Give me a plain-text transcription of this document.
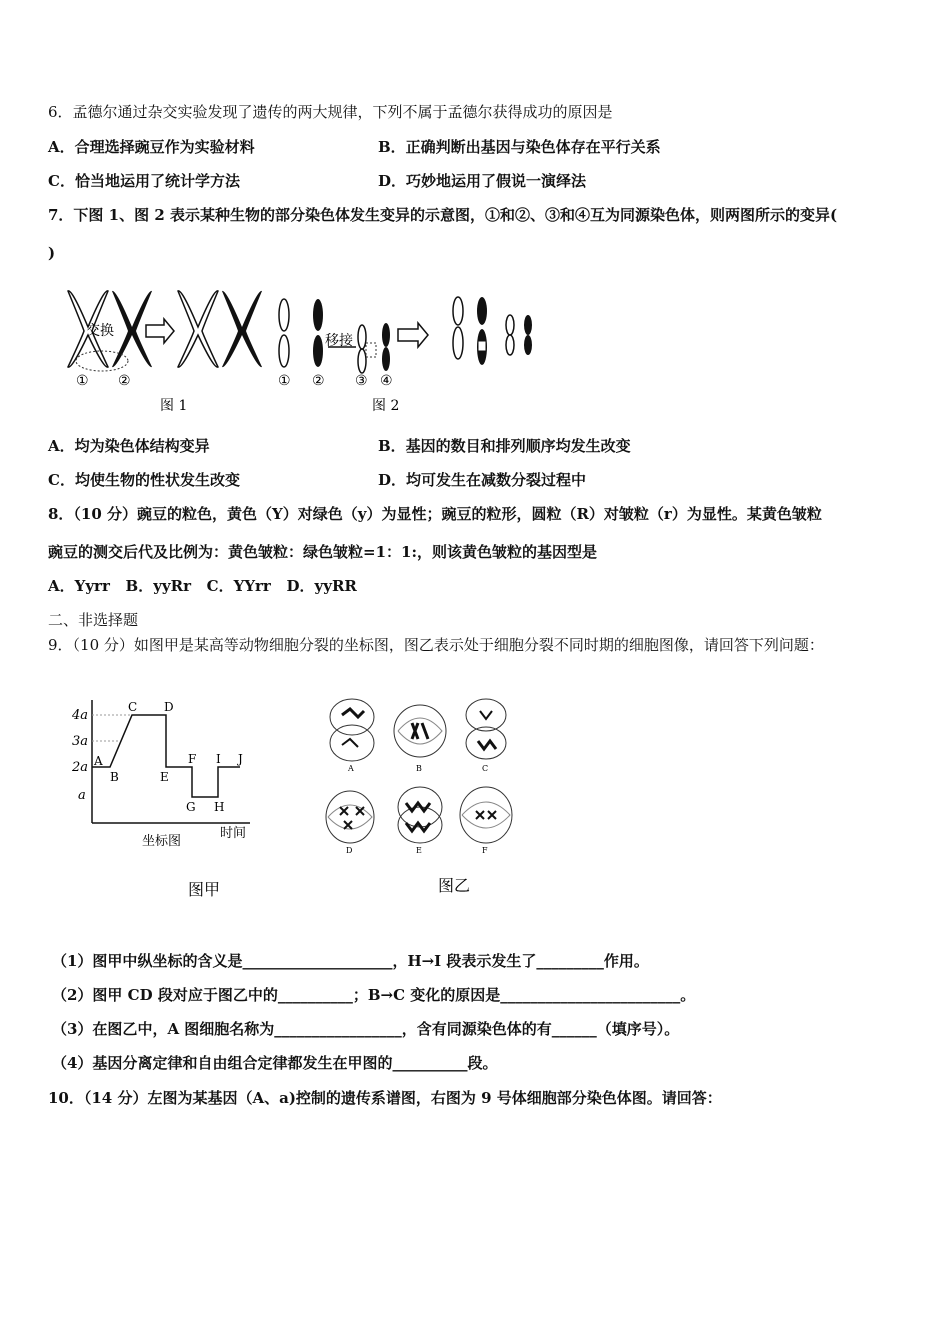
6．孟德尔通过杂交实验发现了遗传的两大规律，下列不属于孟德尔获得成功的原因是
A．合理选择豌豆作为实验材料	B．正确判断出基因与染色体存在平行关系
C．恰当地运用了统计学方法	D．巧妙地运用了假说一演绎法
7．下图 1、图 2 表示某种生物的部分染色体发生变异的示意图，①和②、③和④互为同源染色体，则两图所示的变异(
)
交换
① ②
图 1
移接
① ② ③ ④
图 2
A．均为染色体结构变异	B．基因的数目和排列顺序均发生改变
C．均使生物的性状发生改变	D．均可发生在减数分裂过程中
8．（10 分）豌豆的粒色，黄色（Y）对绿色（y）为显性；豌豆的粒形，圆粒（R）对皱粒（r）为显性。某黄色皱粒
豌豆的测交后代及比例为：黄色皱粒：绿色皱粒=1：1:，则该黄色皱粒的基因型是
A．Yyrr   B．yyRr   C．YYrr   D．yyRR
二、非选择题
9．（10 分）如图甲是某高等动物细胞分裂的坐标图，图乙表示处于细胞分裂不同时期的细胞图像，请回答下列问题：
4a
3a
2a
a
A
B
C D
E
F
G H
I J
时间
坐标图
图甲
A	B	C
D	E	F
图乙
（1）图甲中纵坐标的含义是____________________，H→I 段表示发生了_________作用。
（2）图甲 CD 段对应于图乙中的__________；B→C 变化的原因是________________________。
（3）在图乙中，A 图细胞名称为_________________，含有同源染色体的有______（填序号）。
（4）基因分离定律和自由组合定律都发生在甲图的__________段。
10．（14 分）左图为某基因（A、a)控制的遗传系谱图，右图为 9 号体细胞部分染色体图。请回答：
